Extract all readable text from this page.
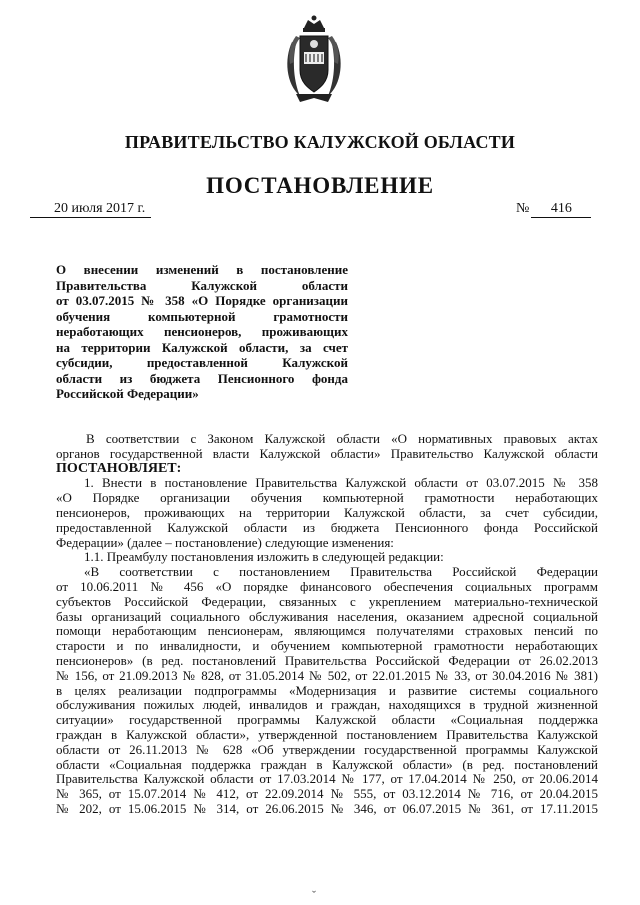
ПРАВИТЕЛЬСТВО КАЛУЖСКОЙ ОБЛАСТИ
ПОСТАНОВЛЕНИЕ
20 июля 2017 г.	№ 416
О внесении изменений в постановление
Правительства Калужской области
от 03.07.2015 № 358 «О Порядке организации
обучения компьютерной грамотности
неработающих пенсионеров, проживающих
на территории Калужской области, за счет
субсидии, предоставленной Калужской
области из бюджета Пенсионного фонда
Российской Федерации»
В соответствии с Законом Калужской области «О нормативных правовых актах
органов государственной власти Калужской области» Правительство Калужской области
ПОСТАНОВЛЯЕТ:
1. Внести в постановление Правительства Калужской области от 03.07.2015 № 358
«О Порядке организации обучения компьютерной грамотности неработающих
пенсионеров, проживающих на территории Калужской области, за счет субсидии,
предоставленной Калужской области из бюджета Пенсионного фонда Российской
Федерации» (далее – постановление) следующие изменения:
1.1. Преамбулу постановления изложить в следующей редакции:
«В соответствии с постановлением Правительства Российской Федерации
от 10.06.2011 № 456 «О порядке финансового обеспечения социальных программ
субъектов Российской Федерации, связанных с укреплением материально-технической
базы организаций социального обслуживания населения, оказанием адресной социальной
помощи неработающим пенсионерам, являющимся получателями страховых пенсий по
старости и по инвалидности, и обучением компьютерной грамотности неработающих
пенсионеров» (в ред. постановлений Правительства Российской Федерации от 26.02.2013
№ 156, от 21.09.2013 № 828, от 31.05.2014 № 502, от 22.01.2015 № 33, от 30.04.2016 № 381)
в целях реализации подпрограммы «Модернизация и развитие системы социального
обслуживания пожилых людей, инвалидов и граждан, находящихся в трудной жизненной
ситуации» государственной программы Калужской области «Социальная поддержка
граждан в Калужской области», утвержденной постановлением Правительства Калужской
области от 26.11.2013 № 628 «Об утверждении государственной программы Калужской
области «Социальная поддержка граждан в Калужской области» (в ред. постановлений
Правительства Калужской области от 17.03.2014 № 177, от 17.04.2014 № 250, от 20.06.2014
№ 365, от 15.07.2014 № 412, от 22.09.2014 № 555, от 03.12.2014 № 716, от 20.04.2015
№ 202, от 15.06.2015 № 314, от 26.06.2015 № 346, от 06.07.2015 № 361, от 17.11.2015
ˇ
